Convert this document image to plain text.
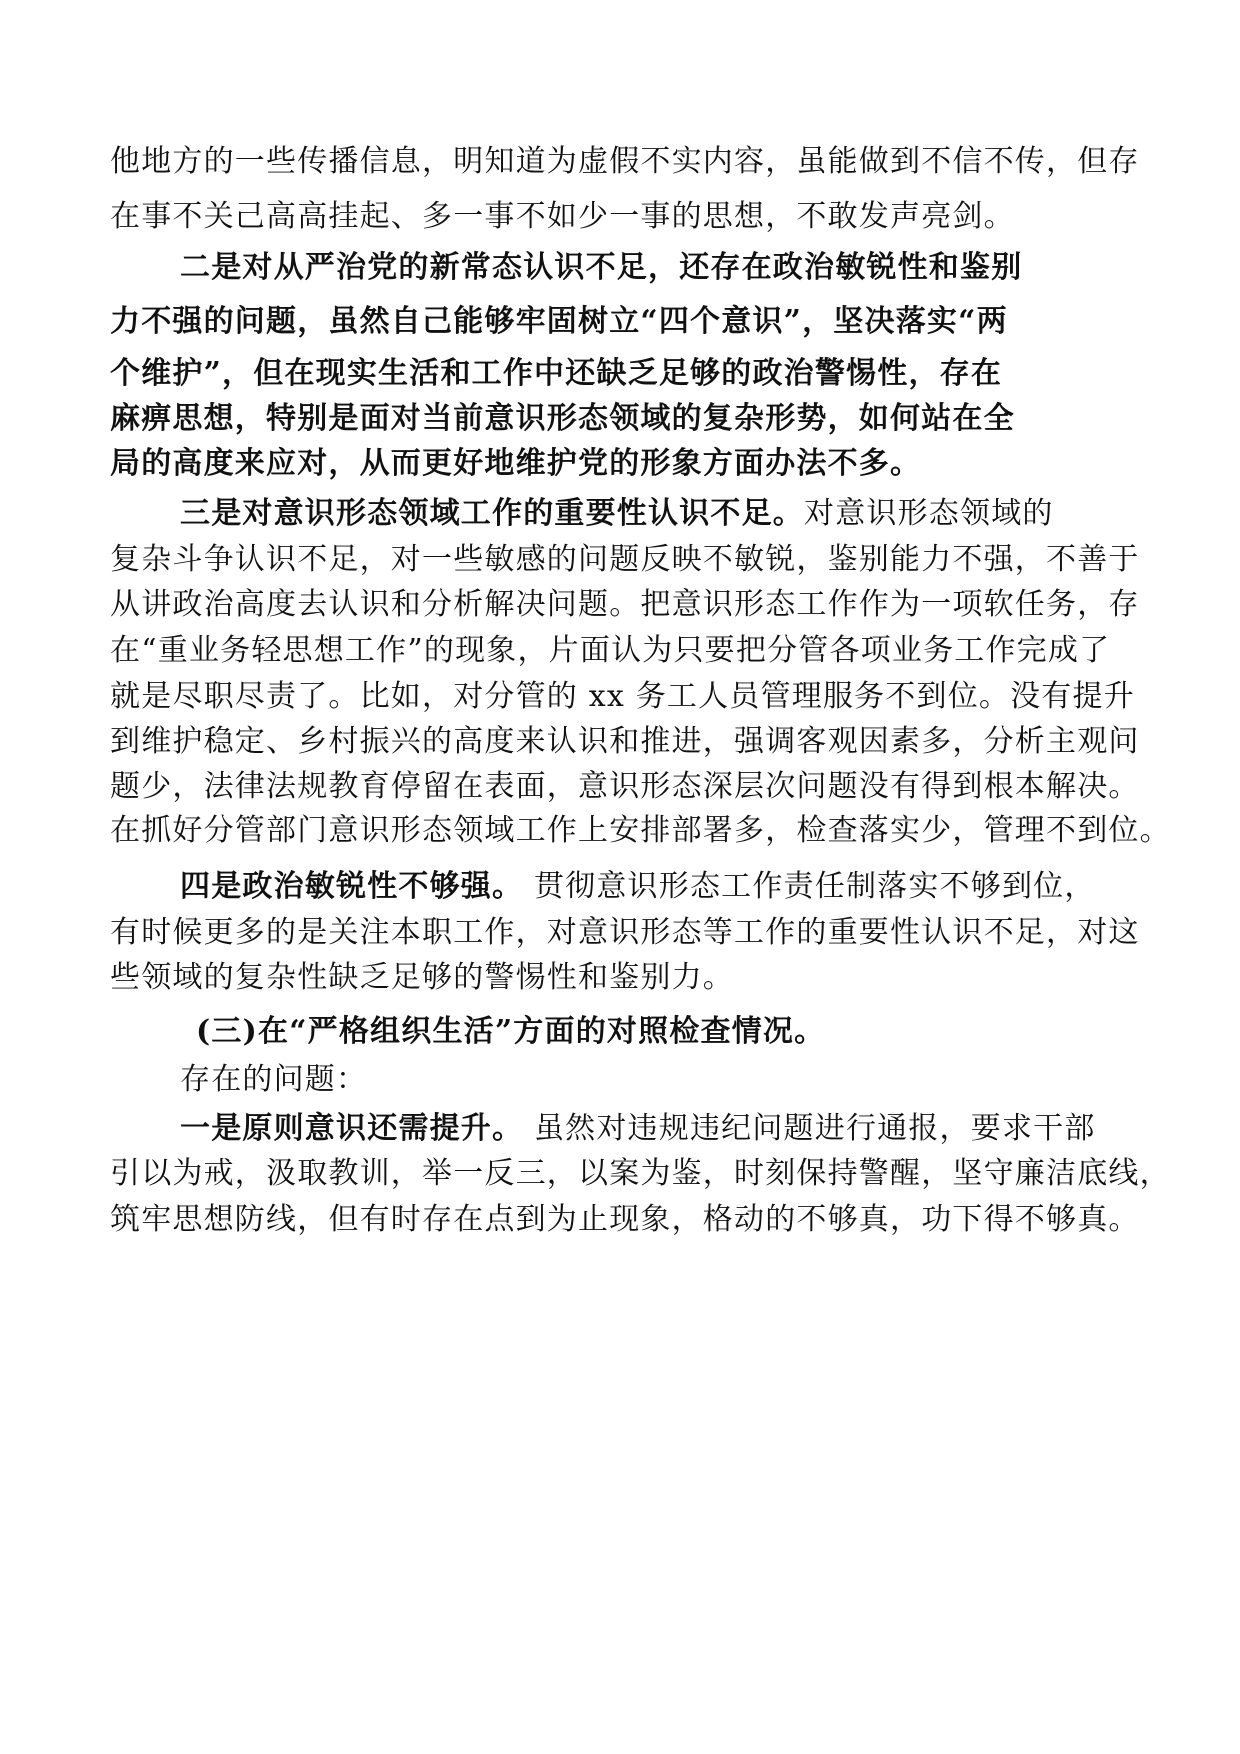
他地方的一些传播信息，明知道为虚假不实内容，虽能做到不信不传，但存
在事不关己高高挂起、多一事不如少一事的思想，不敢发声亮剑。
二是对从严治党的新常态认识不足，还存在政治敏锐性和鉴别
力不强的问题，虽然自己能够牢固树立“四个意识”，坚决落实“两
个维护”，但在现实生活和工作中还缺乏足够的政治警惕性，存在
麻痹思想，特别是面对当前意识形态领域的复杂形势，如何站在全
局的高度来应对，从而更好地维护党的形象方面办法不多。
三是对意识形态领域工作的重要性认识不足。对意识形态领域的
复杂斗争认识不足，对一些敏感的问题反映不敏锐，鉴别能力不强，不善于
从讲政治高度去认识和分析解决问题。把意识形态工作作为一项软任务，存
在“重业务轻思想工作”的现象，片面认为只要把分管各项业务工作完成了
就是尽职尽责了。比如，对分管的 xx 务工人员管理服务不到位。没有提升
到维护稳定、乡村振兴的高度来认识和推进，强调客观因素多，分析主观问
题少，法律法规教育停留在表面，意识形态深层次问题没有得到根本解决。
在抓好分管部门意识形态领域工作上安排部署多，检查落实少，管理不到位。
四是政治敏锐性不够强。 贯彻意识形态工作责任制落实不够到位，
有时候更多的是关注本职工作，对意识形态等工作的重要性认识不足，对这
些领域的复杂性缺乏足够的警惕性和鉴别力。
(三)在“严格组织生活”方面的对照检查情况。
存在的问题：
一是原则意识还需提升。 虽然对违规违纪问题进行通报，要求干部
引以为戒，汲取教训，举一反三，以案为鉴，时刻保持警醒，坚守廉洁底线，
筑牢思想防线，但有时存在点到为止现象，格动的不够真，功下得不够真。
